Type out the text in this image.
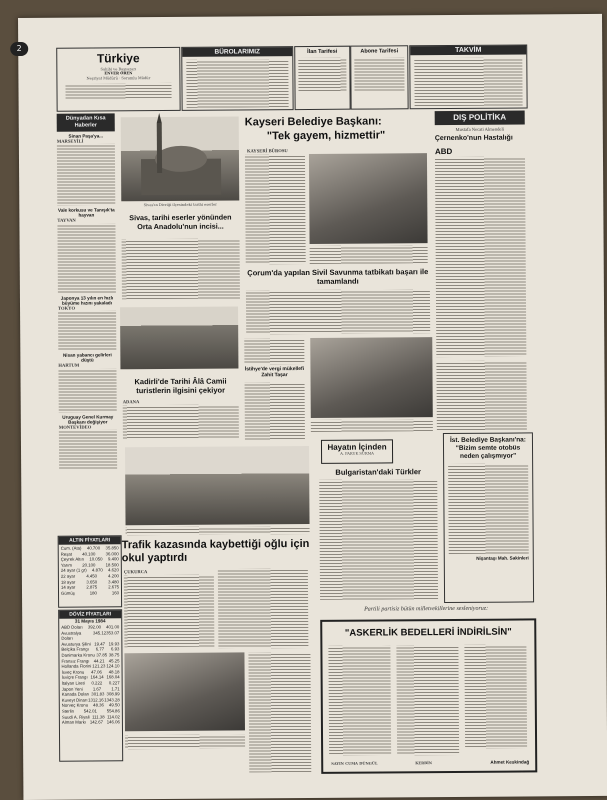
2
Türkiye
Sahibi ve Başyazarı
ENVER ÖREN
Neşriyat Müdürü · Sorumlu Müdür
BÜROLARIMIZ	İlan Tarifesi	Abone Tarifesi	TAKVİM
Dünyadan Kısa Haberler
Sinan Paşa'ya...
MARSEYİLİ
Vale korkusu ve Tanışık'ta hayvan
TAYVAN
Japonya 13 yılın en hızlı büyüme hızını yakaladı
TOKYO
Nisan yabancı gelirleri düştü
HARTUM
Uruguay Genel Kurmay Başkanı değişiyor
MONTEVİDEO
ALTIN FİYATLARI
Cum. (Ata) 40.700 35.850
Reşat 40.100 36.000
Çeyrek Altın 10.050 9.400
Yarım 20.100 18.500
24 ayar (1 gr) 4.870 4.620
22 ayar	4.450	4.200
18 ayar	3.650	3.480
14 ayar	2.875	2.675
Gümüş	180	160
DÖVİZ FİYATLARI
31 Mayıs 1984
ABD Doları 392.00 401.00
Avustralya Doları
345.12 353.07
Avusturya Şilini 19.47 19.93
Belçika Frangı 6.77 6.93
Danimarka Kronu 37.85 38.75
Fransız Frangı 44.21 45.25
Hollanda Florini 121.23 124.10
İsveç Kronu 47.06 48.18
İsviçre Frangı 164.14 168.04
İtalyan Lireti 0.222 0.227
Japon Yeni 1.67 1.71
Kanada Doları 301.83 308.99
Kuveyt Dinarı 1312.16 1343.28
Norveç Kronu 48.36 49.50
Sterlin 542.01 554.86
Suudi A. Riyali 111.38 114.02
Alman Markı 142.67 146.06
Sivas'ın Divriği ilçesindeki tarihi eserler
Sivas, tarihi eserler yönünden Orta Anadolu'nun incisi...
Kayseri Belediye Başkanı:
"Tek gayem, hizmettir"
KAYSERİ BÜROSU
Çorum'da yapılan Sivil Savunma tatbikatı başarı ile tamamlandı
DIŞ POLİTİKA
Mustafa Necati Almendeli
Çernenko'nun Hastalığı
ABD
Kadirli'de Tarihi Âlâ Camii turistlerin ilgisini çekiyor
ADANA
İstihye'de vergi mükellefi Zahit Taşar
Hayatın İçinden
A. FARUK SÜRMA
Bulgaristan'daki Türkler
İst. Belediye Başkanı'na: "Bizim semte otobüs neden çalışmıyor"
Nişantaşı Mah. Sakinleri
Trafik kazasında kaybettiği oğlu için okul yaptırdı
ÇUKURCA
Partili partisiz bütün milletvekillerine sesleniyoruz:
"ASKERLİK BEDELLERİ İNDİRİLSİN"
Ahmet Keskindağ
SAYIN CUMA DÜNGÜL	KERBİN
